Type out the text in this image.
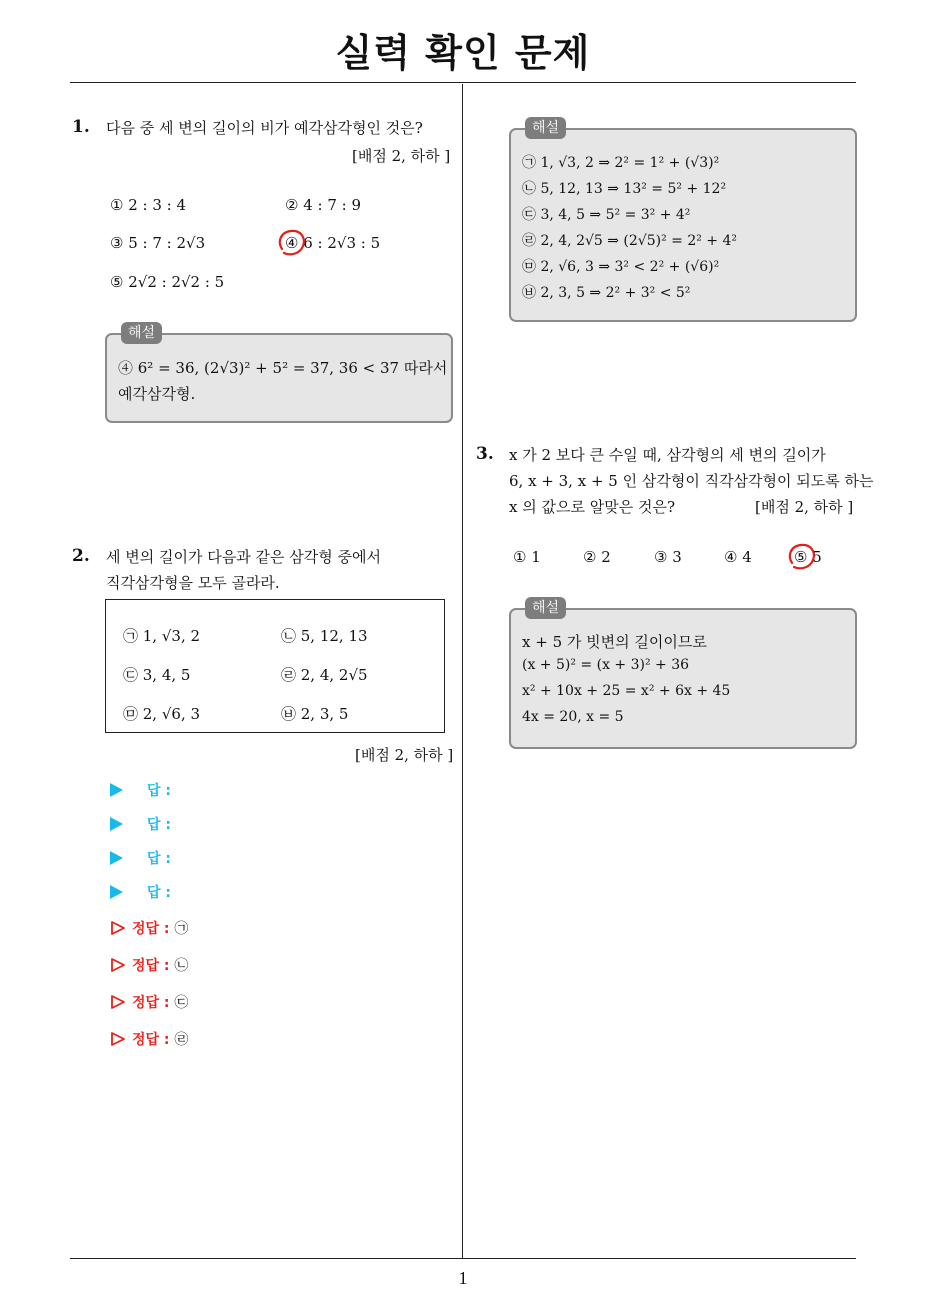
실력 확인 문제
1
1. 다음 중 세 변의 길이의 비가 예각삼각형인 것은?
[배점 2, 하하 ]
① 2 : 3 : 4	② 4 : 7 : 9
③ 5 : 7 : 2√3	④ 6 : 2√3 : 5
⑤ 2√2 : 2√2 : 5
해설
④ 6² = 36, (2√3)² + 5² = 37, 36 < 37 따라서
예각삼각형.
해설
㉠ 1, √3, 2 ⇒ 2² = 1² + (√3)²
㉡ 5, 12, 13 ⇒ 13² = 5² + 12²
㉢ 3, 4, 5 ⇒ 5² = 3² + 4²
㉣ 2, 4, 2√5 ⇒ (2√5)² = 2² + 4²
㉤ 2, √6, 3 ⇒ 3² < 2² + (√6)²
㉥ 2, 3, 5 ⇒ 2² + 3² < 5²
2. 세 변의 길이가 다음과 같은 삼각형 중에서
직각삼각형을 모두 골라라.
㉠ 1, √3, 2	㉡ 5, 12, 13
㉢ 3, 4, 5	㉣ 2, 4, 2√5
㉤ 2, √6, 3	㉥ 2, 3, 5
[배점 2, 하하 ]
답 :
답 :
답 :
답 :
정답 : ㉠
정답 : ㉡
정답 : ㉢
정답 : ㉣
3. x 가 2 보다 큰 수일 때, 삼각형의 세 변의 길이가
6, x + 3, x + 5 인 삼각형이 직각삼각형이 되도록 하는
x 의 값으로 알맞은 것은?	[배점 2, 하하 ]
① 1	② 2	③ 3	④ 4	⑤ 5
해설
x + 5 가 빗변의 길이이므로
(x + 5)² = (x + 3)² + 36
x² + 10x + 25 = x² + 6x + 45
4x = 20, x = 5
